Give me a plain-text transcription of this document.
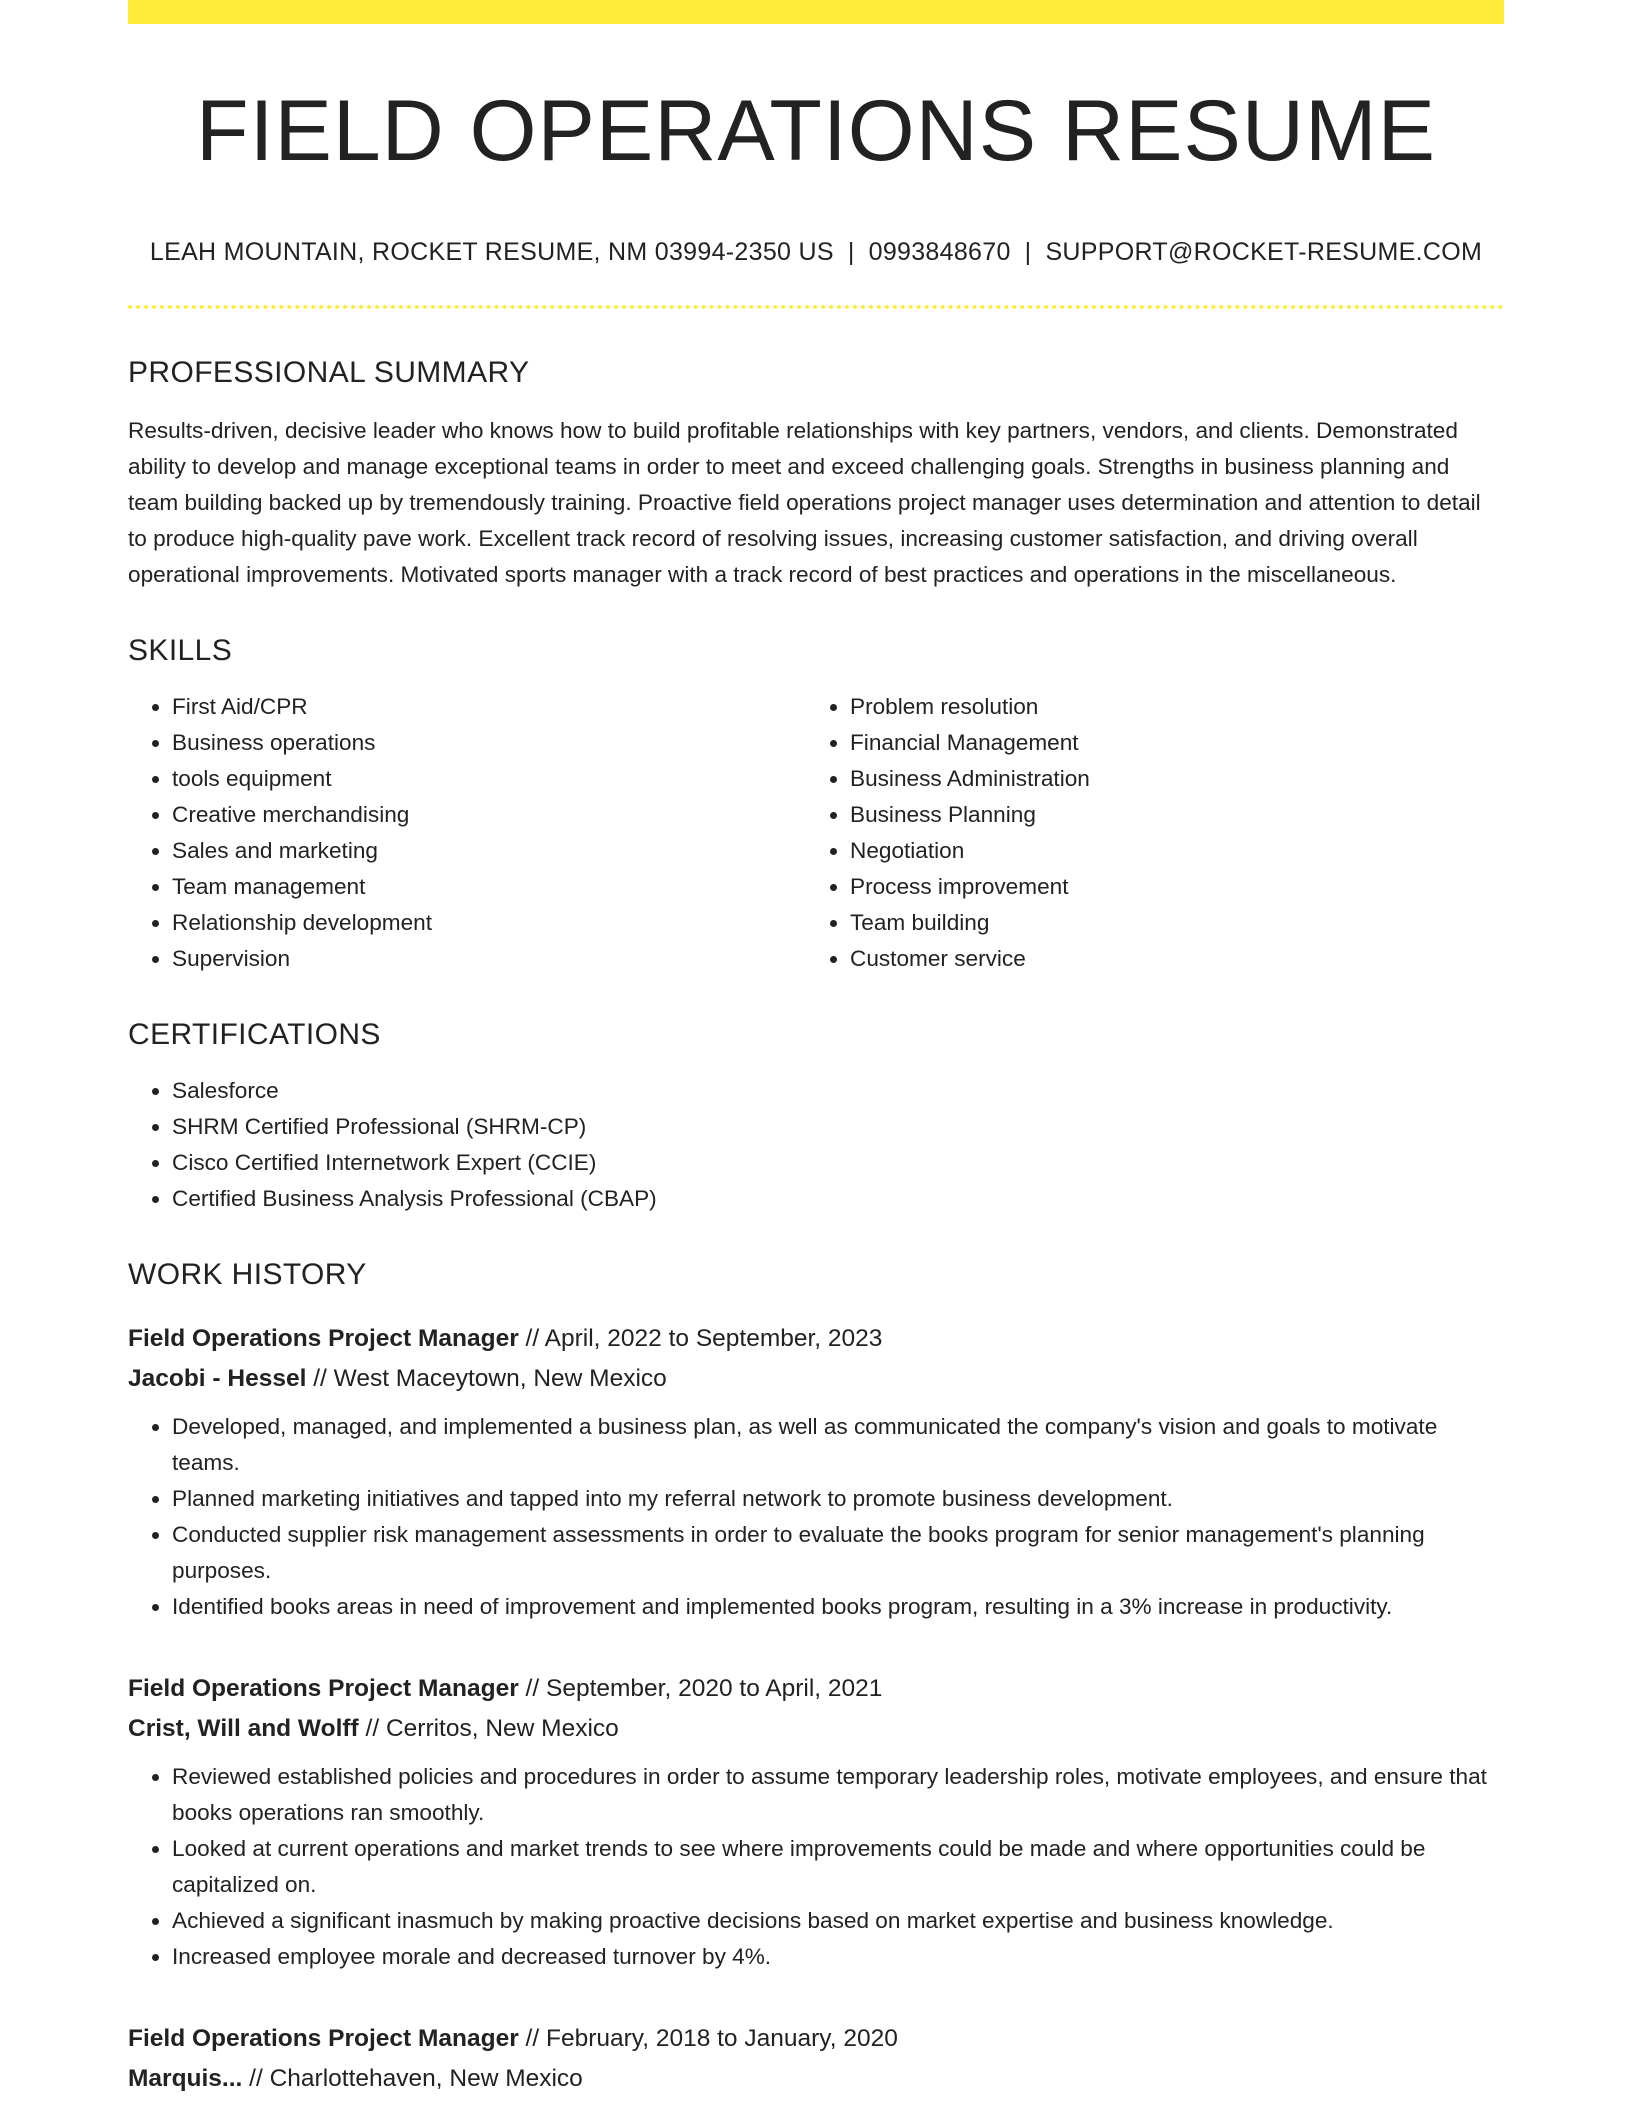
FIELD OPERATIONS RESUME
LEAH MOUNTAIN, ROCKET RESUME, NM 03994-2350 US | 0993848670 | SUPPORT@ROCKET-RESUME.COM
PROFESSIONAL SUMMARY

Results-driven, decisive leader who knows how to build profitable relationships with key partners, vendors, and clients. Demonstrated ability to develop and manage exceptional teams in order to meet and exceed challenging goals. Strengths in business planning and team building backed up by tremendously training. Proactive field operations project manager uses determination and attention to detail to produce high-quality pave work. Excellent track record of resolving issues, increasing customer satisfaction, and driving overall operational improvements. Motivated sports manager with a track record of best practices and operations in the miscellaneous.

SKILLS
• First Aid/CPR
• Business operations
• tools equipment
• Creative merchandising
• Sales and marketing
• Team management
• Relationship development
• Supervision
• Problem resolution
• Financial Management
• Business Administration
• Business Planning
• Negotiation
• Process improvement
• Team building
• Customer service
CERTIFICATIONS
• Salesforce
• SHRM Certified Professional (SHRM-CP)
• Cisco Certified Internetwork Expert (CCIE)
• Certified Business Analysis Professional (CBAP)
WORK HISTORY
Field Operations Project Manager // April, 2022 to September, 2023
Jacobi - Hessel // West Maceytown, New Mexico
• Developed, managed, and implemented a business plan, as well as communicated the company's vision and goals to motivate teams.
• Planned marketing initiatives and tapped into my referral network to promote business development.
• Conducted supplier risk management assessments in order to evaluate the books program for senior management's planning purposes.
• Identified books areas in need of improvement and implemented books program, resulting in a 3% increase in productivity.
Field Operations Project Manager // September, 2020 to April, 2021
Crist, Will and Wolff // Cerritos, New Mexico
• Reviewed established policies and procedures in order to assume temporary leadership roles, motivate employees, and ensure that books operations ran smoothly.
• Looked at current operations and market trends to see where improvements could be made and where opportunities could be capitalized on.
• Achieved a significant inasmuch by making proactive decisions based on market expertise and business knowledge.
• Increased employee morale and decreased turnover by 4%.
Field Operations Project Manager // February, 2018 to January, 2020
Marquis... // Charlottehaven, New Mexico
